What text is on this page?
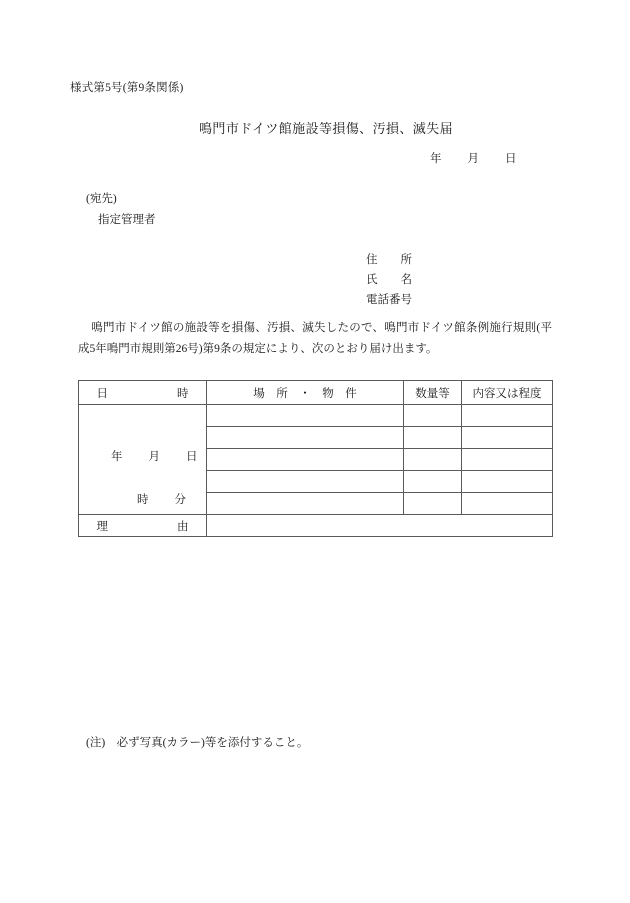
様式第5号(第9条関係)
鳴門市ドイツ館施設等損傷、汚損、滅失届
年 月 日
(宛先)
指定管理者
住　　所
氏　　名
電話番号
鳴門市ドイツ館の施設等を損傷、汚損、滅失したので、鳴門市ドイツ館条例施行規則(平成5年鳴門市規則第26号)第9条の規定により、次のとおり届け出ます。
日　　　　　　時	場　所　・　物　件	数量等	内容又は程度

年 月 日
時 分			

理　　　　　　由			

(注)　必ず写真(カラー)等を添付すること。
